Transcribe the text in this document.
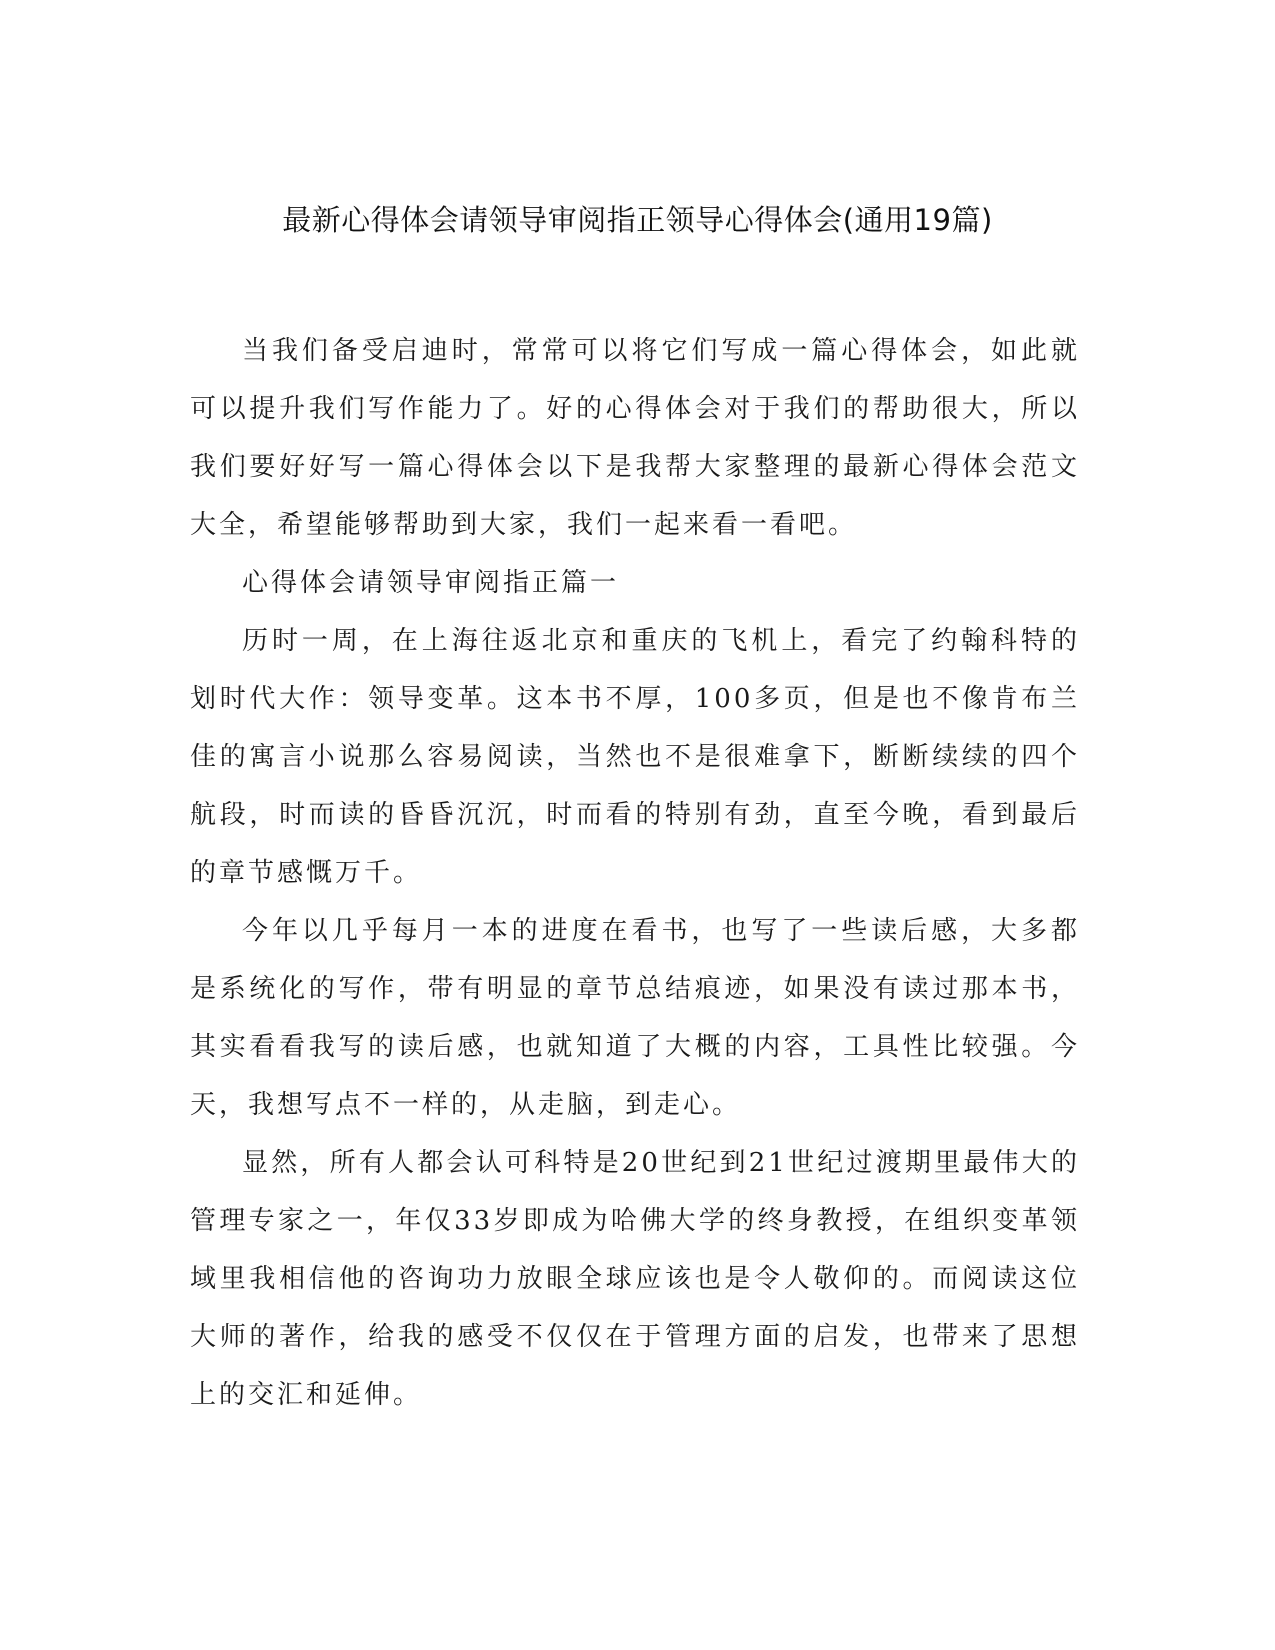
最新心得体会请领导审阅指正领导心得体会(通用19篇)

当我们备受启迪时，常常可以将它们写成一篇心得体会，如此就可以提升我们写作能力了。好的心得体会对于我们的帮助很大，所以我们要好好写一篇心得体会以下是我帮大家整理的最新心得体会范文大全，希望能够帮助到大家，我们一起来看一看吧。

心得体会请领导审阅指正篇一

历时一周，在上海往返北京和重庆的飞机上，看完了约翰科特的划时代大作：领导变革。这本书不厚，100多页，但是也不像肯布兰佳的寓言小说那么容易阅读，当然也不是很难拿下，断断续续的四个航段，时而读的昏昏沉沉，时而看的特别有劲，直至今晚，看到最后的章节感慨万千。

今年以几乎每月一本的进度在看书，也写了一些读后感，大多都是系统化的写作，带有明显的章节总结痕迹，如果没有读过那本书，其实看看我写的读后感，也就知道了大概的内容，工具性比较强。今天，我想写点不一样的，从走脑，到走心。

显然，所有人都会认可科特是20世纪到21世纪过渡期里最伟大的管理专家之一，年仅33岁即成为哈佛大学的终身教授，在组织变革领域里我相信他的咨询功力放眼全球应该也是令人敬仰的。而阅读这位大师的著作，给我的感受不仅仅在于管理方面的启发，也带来了思想上的交汇和延伸。
